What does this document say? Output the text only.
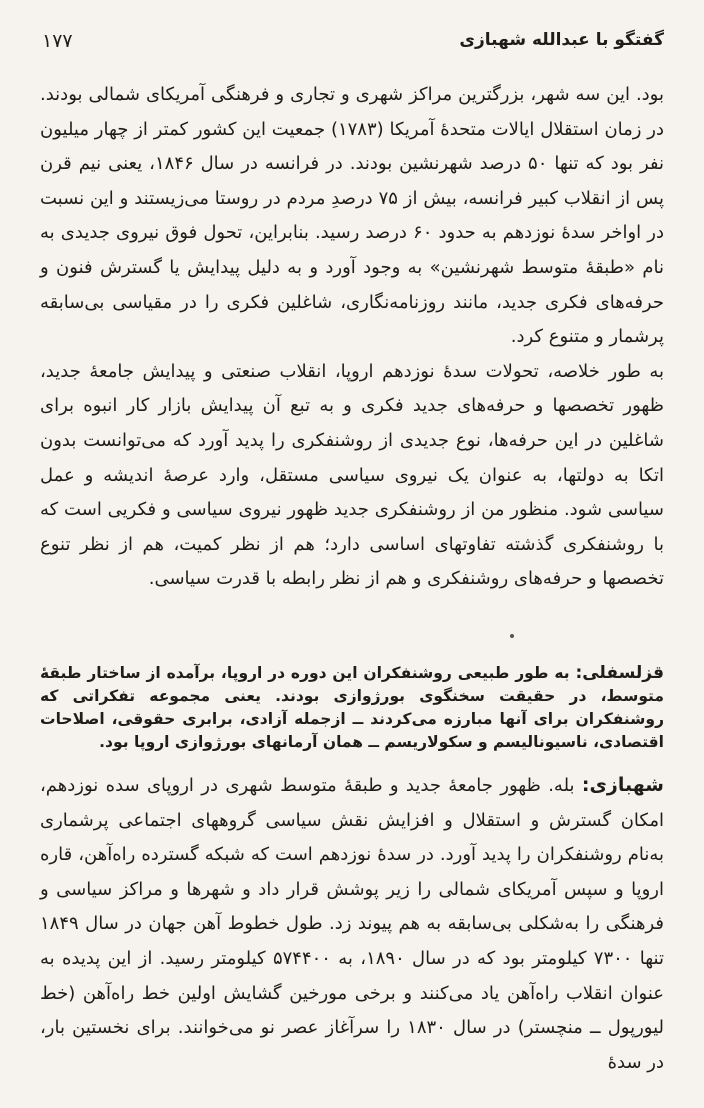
گفتگو با عبدالله شهبازی
۱۷۷

بود. این سه شهر، بزرگترین مراکز شهری و تجاری و فرهنگی آمریکای شمالی بودند. در زمان استقلال ایالات متحدهٔ آمریکا (۱۷۸۳) جمعیت این کشور کمتر از چهار میلیون نفر بود که تنها ۵۰ درصد شهرنشین بودند. در فرانسه در سال ۱۸۴۶، یعنی نیم قرن پس از انقلاب کبیر فرانسه، بیش از ۷۵ درصدِ مردم در روستا می‌زیستند و این نسبت در اواخر سدهٔ نوزدهم به حدود ۶۰ درصد رسید. بنابراین، تحول فوق نیروی جدیدی به نام «طبقهٔ متوسط شهرنشین» به وجود آورد و به دلیل پیدایش یا گسترش فنون و حرفه‌های فکری جدید، مانند روزنامه‌نگاری، شاغلین فکری را در مقیاسی بی‌سابقه پرشمار و متنوع کرد.

به طور خلاصه، تحولات سدهٔ نوزدهم اروپا، انقلاب صنعتی و پیدایش جامعهٔ جدید، ظهور تخصصها و حرفه‌های جدید فکری و به تبع آن پیدایش بازار کار انبوه برای شاغلین در این حرفه‌ها، نوع جدیدی از روشنفکری را پدید آورد که می‌توانست بدون اتکا به دولتها، به عنوان یک نیروی سیاسی مستقل، وارد عرصهٔ اندیشه و عمل سیاسی شود. منظور من از روشنفکری جدید ظهور نیروی سیاسی و فکریی است که با روشنفکری گذشته تفاوتهای اساسی دارد؛ هم از نظر کمیت، هم از نظر تنوع تخصصها و حرفه‌های روشنفکری و هم از نظر رابطه با قدرت سیاسی.

قزلسفلی: به طور طبیعی روشنفکران این دوره در اروپا، برآمده از ساختار طبقهٔ متوسط، در حقیقت سخنگوی بورژوازی بودند. یعنی مجموعه تفکراتی که روشنفکران برای آنها مبارزه می‌کردند ــ ازجمله آزادی، برابری حقوقی، اصلاحات اقتصادی، ناسیونالیسم و سکولاریسم ــ همان آرمانهای بورژوازی اروپا بود.
شهبازی: بله. ظهور جامعهٔ جدید و طبقهٔ متوسط شهری در اروپای سده نوزدهم، امکان گسترش و استقلال و افزایش نقش سیاسی گروههای اجتماعی پرشماری به‌نام روشنفکران را پدید آورد. در سدهٔ نوزدهم است که شبکه گسترده راه‌آهن، قاره اروپا و سپس آمریکای شمالی را زیر پوشش قرار داد و شهرها و مراکز سیاسی و فرهنگی را به‌شکلی بی‌سابقه به هم پیوند زد. طول خطوط آهن جهان در سال ۱۸۴۹ تنها ۷۳۰۰ کیلومتر بود که در سال ۱۸۹۰، به ۵۷۴۴۰۰ کیلومتر رسید. از این پدیده به عنوان انقلاب راه‌آهن یاد می‌کنند و برخی مورخین گشایش اولین خط راه‌آهن (خط لیورپول ــ منچستر) در سال ۱۸۳۰ را سرآغاز عصر نو می‌خوانند. برای نخستین بار، در سدهٔ
